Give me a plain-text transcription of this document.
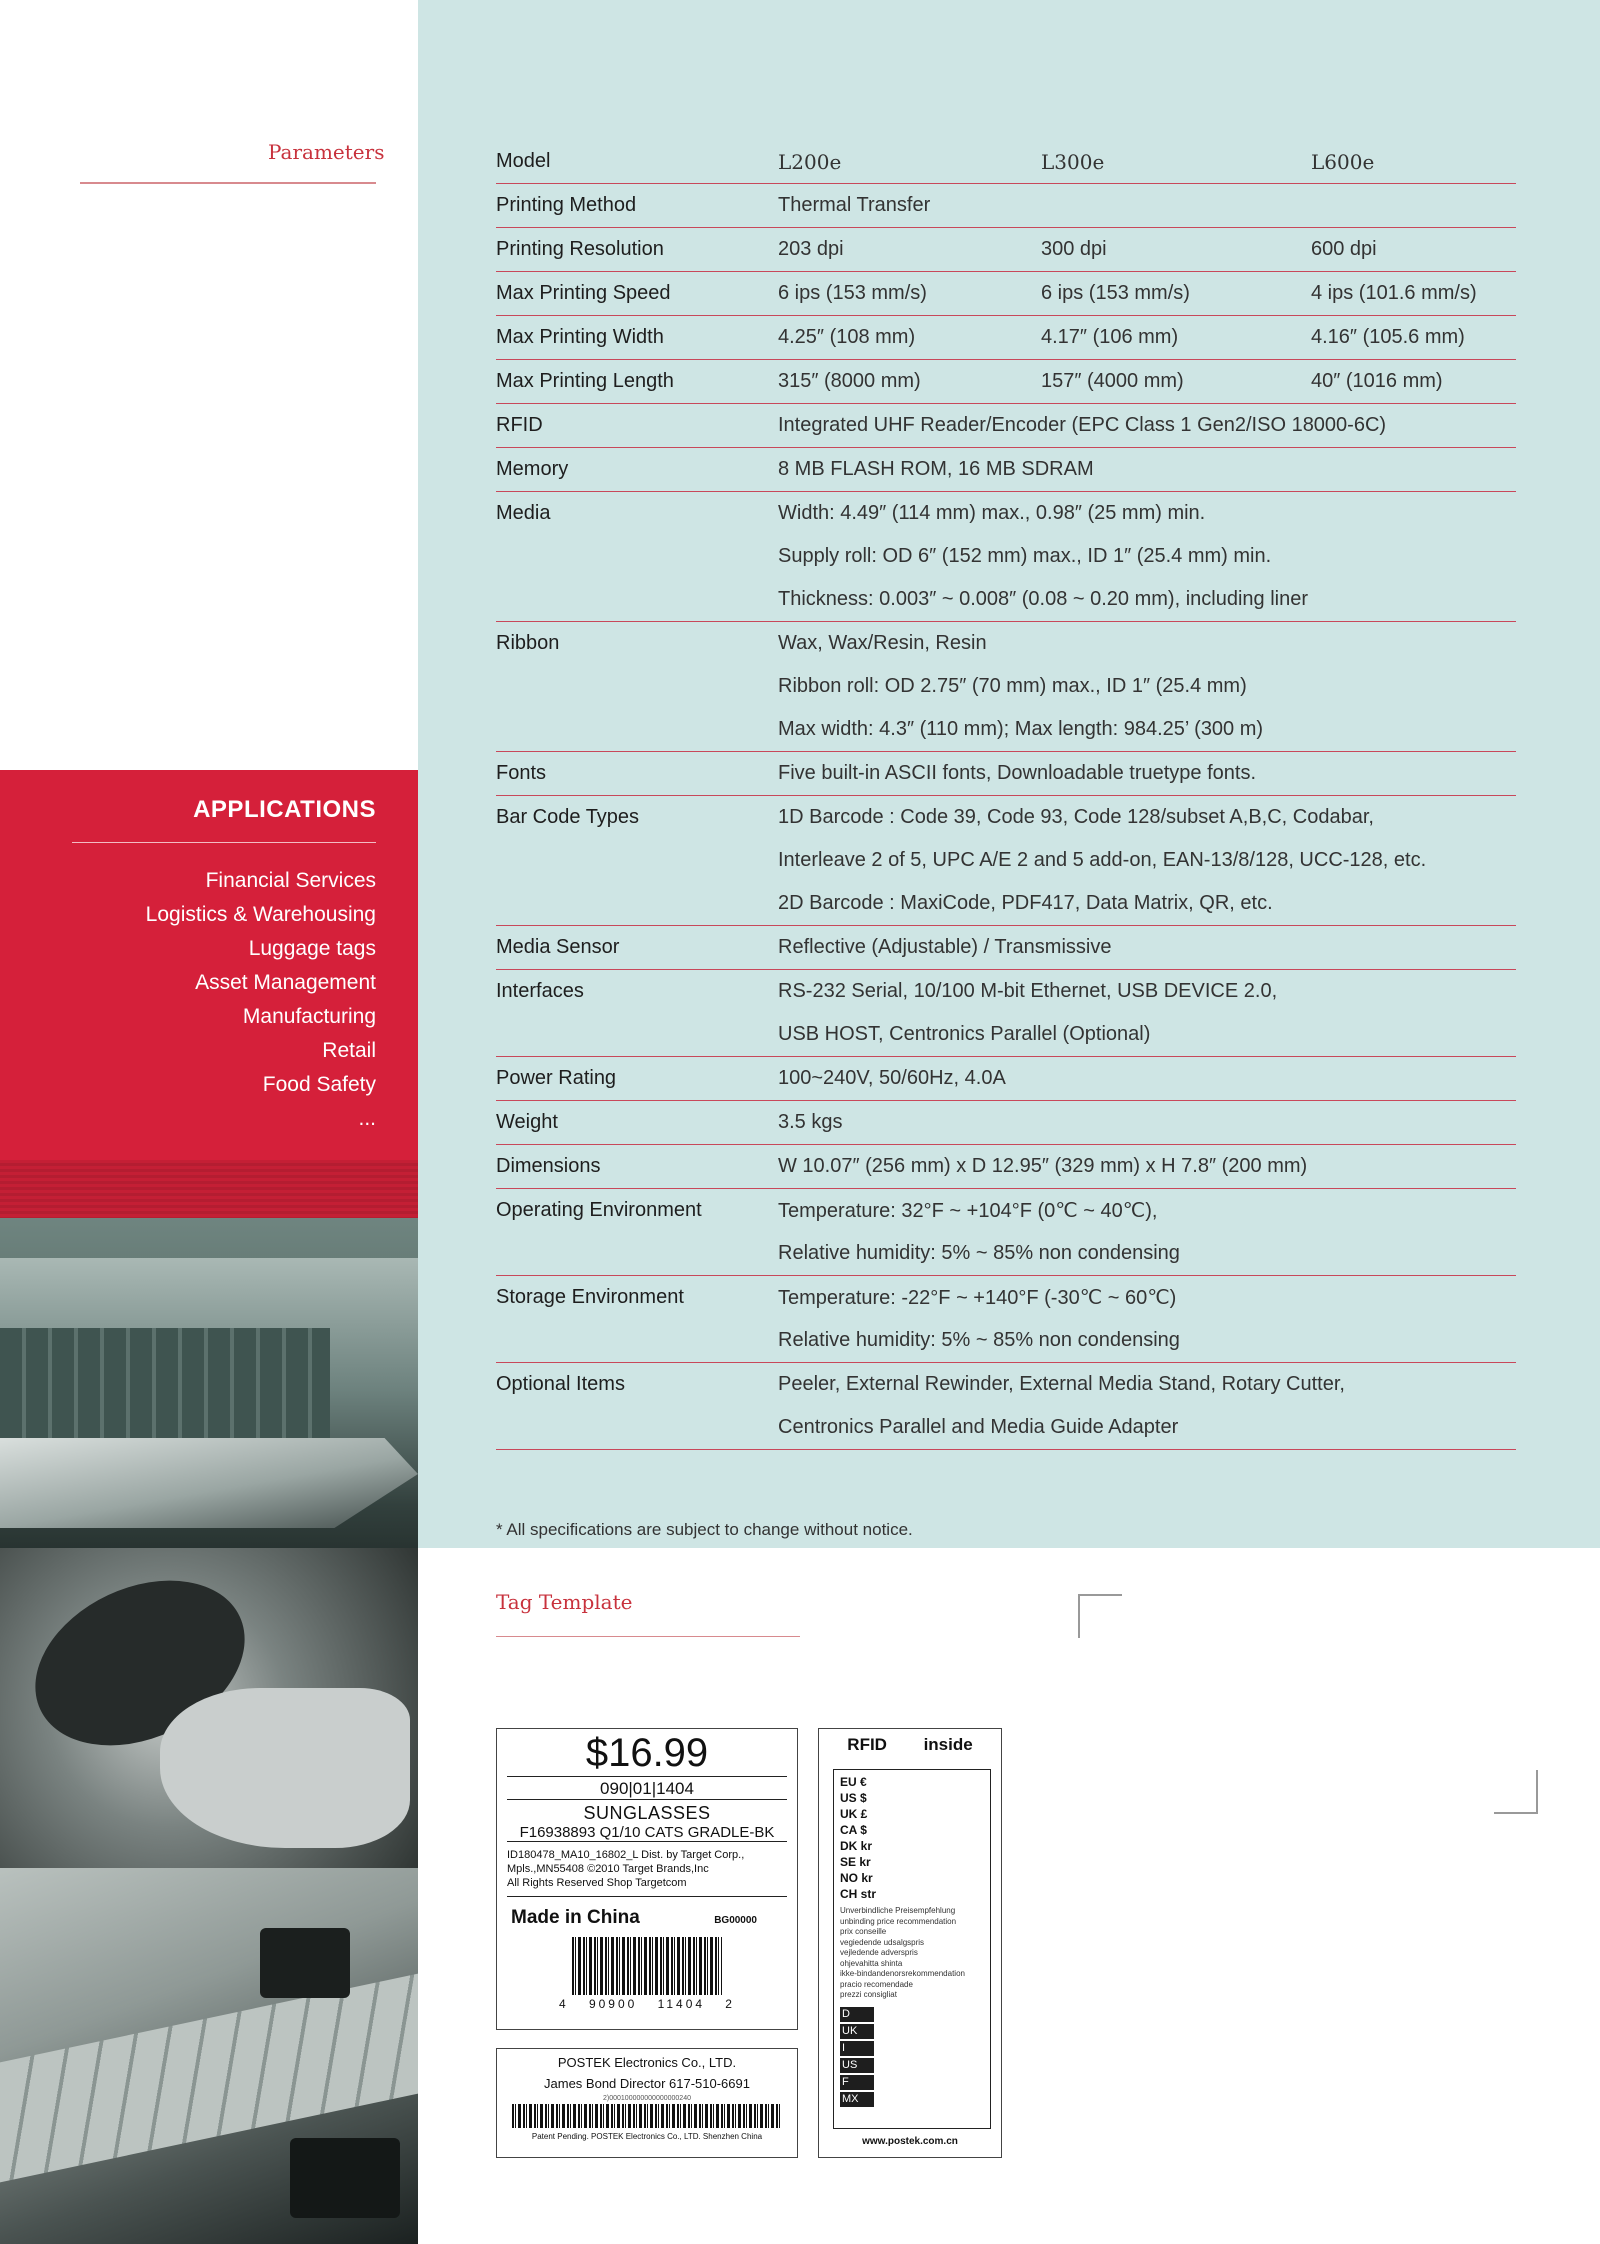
Parameters
APPLICATIONS
Financial Services
Logistics & Warehousing
Luggage tags
Asset Management
Manufacturing
Retail
Food Safety
...
Model	L200e	L300e	L600e
Printing Method	Thermal Transfer
Printing Resolution	203 dpi	300 dpi	600 dpi
Max Printing Speed	6 ips (153 mm/s)	6 ips (153 mm/s)	4 ips (101.6 mm/s)
Max Printing Width	4.25″ (108 mm)	4.17″ (106 mm)	4.16″ (105.6 mm)
Max Printing Length	315″ (8000 mm)	157″ (4000 mm)	40″ (1016 mm)
RFID	Integrated UHF Reader/Encoder (EPC Class 1 Gen2/ISO 18000-6C)
Memory	8 MB FLASH ROM, 16 MB SDRAM
Media	Width: 4.49″ (114 mm) max., 0.98″ (25 mm) min.
Supply roll: OD 6″ (152 mm) max., ID 1″ (25.4 mm) min.
Thickness: 0.003″ ~ 0.008″ (0.08 ~ 0.20 mm), including liner
Ribbon	Wax, Wax/Resin, Resin
Ribbon roll: OD 2.75″ (70 mm) max., ID 1″ (25.4 mm)
Max width: 4.3″ (110 mm); Max length: 984.25’ (300 m)
Fonts	Five built-in ASCII fonts, Downloadable truetype fonts.
Bar Code Types	1D Barcode : Code 39, Code 93, Code 128/subset A,B,C, Codabar,
Interleave 2 of 5, UPC A/E 2 and 5 add-on, EAN-13/8/128, UCC-128, etc.
2D Barcode : MaxiCode, PDF417, Data Matrix, QR, etc.
Media Sensor	Reflective (Adjustable) / Transmissive
Interfaces	RS-232 Serial, 10/100 M-bit Ethernet, USB DEVICE 2.0,
USB HOST, Centronics Parallel (Optional)
Power Rating	100~240V, 50/60Hz, 4.0A
Weight	3.5 kgs
Dimensions	W 10.07″ (256 mm) x D 12.95″ (329 mm) x H 7.8″ (200 mm)
Operating Environment	Temperature: 32°F ~ +104°F (0℃ ~ 40℃),
Relative humidity: 5% ~ 85% non condensing
Storage Environment	Temperature: -22°F ~ +140°F (-30℃ ~ 60℃)
Relative humidity: 5% ~ 85% non condensing
Optional Items	Peeler, External Rewinder, External Media Stand, Rotary Cutter,
Centronics Parallel and Media Guide Adapter
* All specifications are subject to change without notice.
Tag Template
$16.99
090|01|1404
SUNGLASSES
F16938893 Q1/10 CATS GRADLE-BK
ID180478_MA10_16802_L Dist. by Target Corp.,
Mpls.,MN55408 ©2010 Target Brands,Inc
All Rights Reserved Shop Targetcom
Made in China	BG00000
4 90900 11404 2
POSTEK Electronics Co., LTD.
James Bond Director 617-510-6691
2)000100000000000000240
Patent Pending. POSTEK Electronics Co., LTD. Shenzhen China
RFID inside
EU €
US $
UK £
CA $
DK kr
SE kr
NO kr
CH str
Unverbindliche Preisempfehlung
unbinding price recommendation
prix conseille
vegiedende udsalgspris
vejledende adverspris
ohjevahitta shinta
ikke-bindandenorsrekommendation
pracio recomendade
prezzi consigliat
D
UK
I
US
F
MX
www.postek.com.cn
